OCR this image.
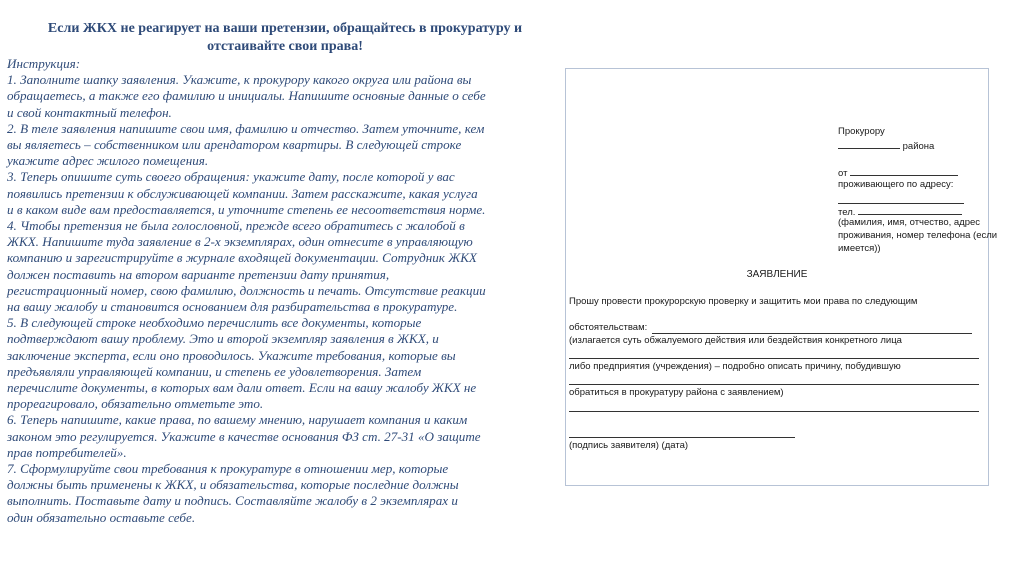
Если ЖКХ не реагирует на ваши претензии, обращайтесь в прокуратуру и
отстаивайте свои права!
Инструкция:
1. Заполните шапку заявления. Укажите, к прокурору какого округа или района вы
обращаетесь, а также его фамилию и инициалы. Напишите основные данные о себе
и свой контактный телефон.
2. В теле заявления напишите свои имя, фамилию и отчество. Затем уточните, кем
вы являетесь – собственником или арендатором квартиры. В следующей строке
укажите адрес жилого помещения.
3. Теперь опишите суть своего обращения: укажите дату, после которой у вас
появились претензии к обслуживающей компании. Затем расскажите, какая услуга
и в каком виде вам предоставляется, и уточните степень ее несоответствия норме.
4. Чтобы претензия не была голословной, прежде всего обратитесь с жалобой в
ЖКХ. Напишите туда заявление в 2-х экземплярах, один отнесите в управляющую
компанию и зарегистрируйте в журнале входящей документации. Сотрудник ЖКХ
должен поставить на втором варианте претензии дату принятия,
регистрационный номер, свою фамилию, должность и печать. Отсутствие реакции
на вашу жалобу и становится основанием для разбирательства в прокуратуре.
5. В следующей строке необходимо перечислить все документы, которые
подтверждают вашу проблему. Это и второй экземпляр заявления в ЖКХ, и
заключение эксперта, если оно проводилось. Укажите требования, которые вы
предъявляли управляющей компании, и степень ее удовлетворения. Затем
перечислите документы, в которых вам дали ответ. Если на вашу жалобу ЖКХ не
прореагировало, обязательно отметьте это.
6. Теперь напишите, какие права, по вашему мнению, нарушает компания и каким
законом это регулируется. Укажите в качестве основания ФЗ ст. 27-31 «О защите
прав потребителей».
7. Сформулируйте свои требования к прокуратуре в отношении мер, которые
должны быть применены к ЖКХ, и обязательства, которые последние должны
выполнить. Поставьте дату и подпись. Составляйте жалобу в 2 экземплярах и
один обязательно оставьте себе.
Прокурору
района
от
проживающего по адресу:
тел.
(фамилия, имя, отчество, адрес
проживания, номер телефона (если
имеется))
ЗАЯВЛЕНИЕ
Прошу провести прокурорскую проверку и защитить мои права по следующим
обстоятельствам:
(излагается суть обжалуемого действия или бездействия конкретного лица
либо предприятия (учреждения) – подробно описать причину, побудившую
обратиться в прокуратуру района с заявлением)
(подпись заявителя) (дата)
